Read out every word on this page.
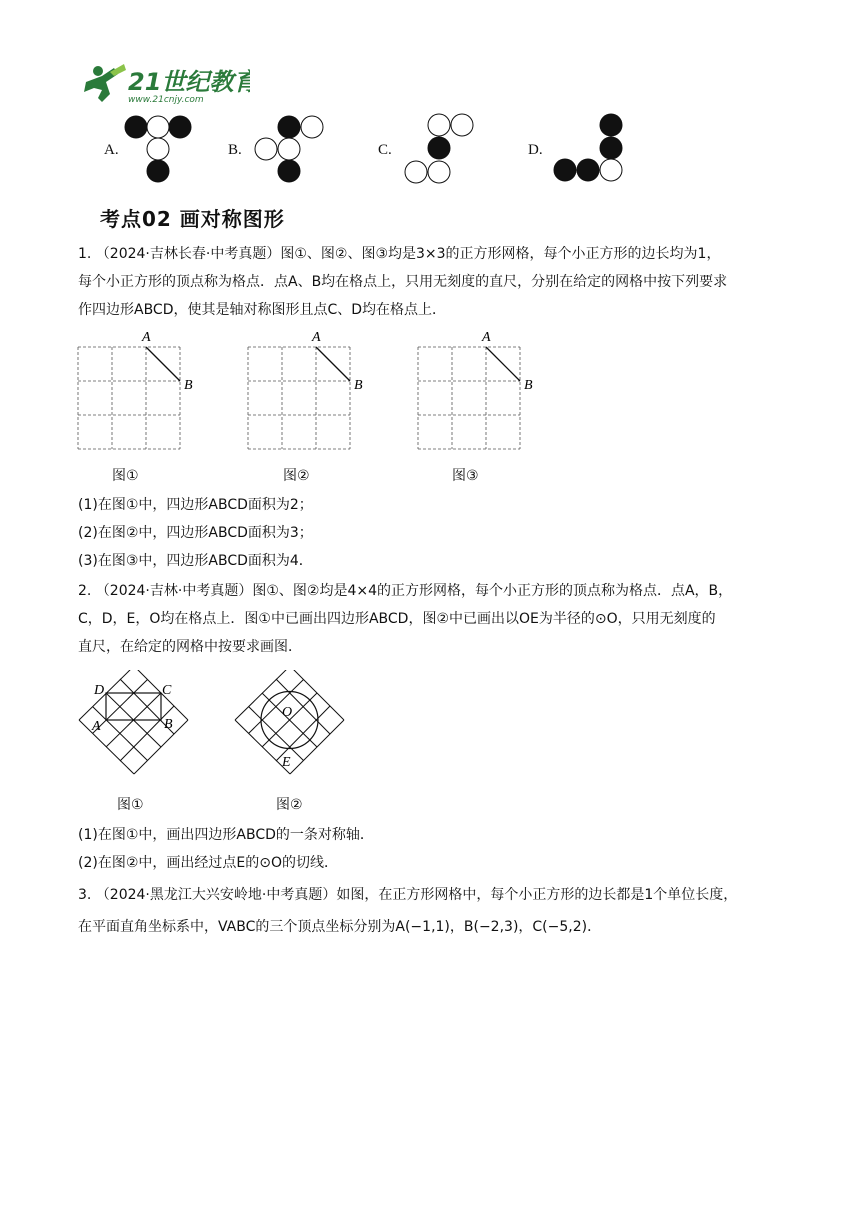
21世纪教育
www.21cnjy.com
A.	B.	C.	D.
考点02 画对称图形
1. （2024·吉林长春·中考真题）图①、图②、图③均是3×3的正方形网格，每个小正方形的边长均为1，
每个小正方形的顶点称为格点．点A、B均在格点上，只用无刻度的直尺，分别在给定的网格中按下列要求
作四边形ABCD，使其是轴对称图形且点C、D均在格点上．
A
B
A
B
A
B
图①	图②	图③
(1)在图①中，四边形ABCD面积为2；
(2)在图②中，四边形ABCD面积为3；
(3)在图③中，四边形ABCD面积为4．
2. （2024·吉林·中考真题）图①、图②均是4×4的正方形网格，每个小正方形的顶点称为格点．点A，B，
C，D，E，O均在格点上．图①中已画出四边形ABCD，图②中已画出以OE为半径的⊙O，只用无刻度的
直尺，在给定的网格中按要求画图．
D	C
A	B
O
E
图①	图②
(1)在图①中，画出四边形ABCD的一条对称轴．
(2)在图②中，画出经过点E的⊙O的切线．
3. （2024·黑龙江大兴安岭地·中考真题）如图，在正方形网格中，每个小正方形的边长都是1个单位长度，
在平面直角坐标系中，VABC的三个顶点坐标分别为A(−1,1)，B(−2,3)，C(−5,2)．
